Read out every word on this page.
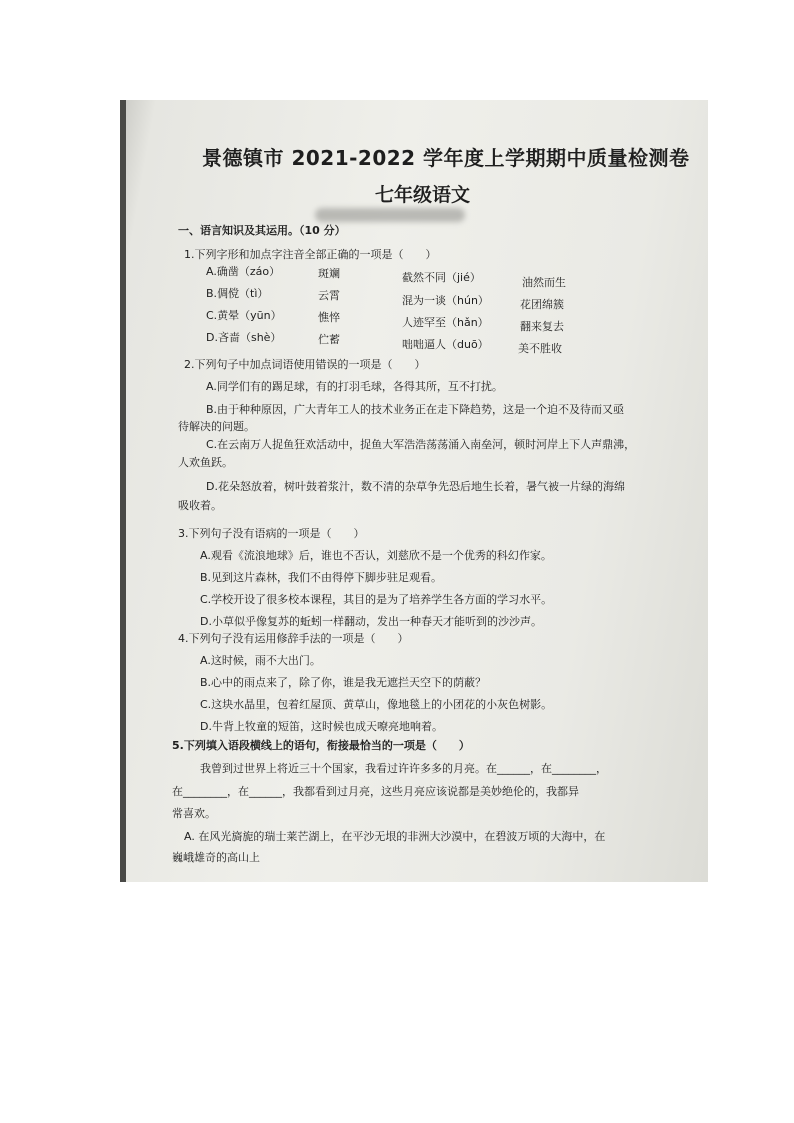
景德镇市 2021-2022 学年度上学期期中质量检测卷
七年级语文
一、语言知识及其运用。（10 分）
1.下列字形和加点字注音全部正确的一项是（　　）
A.确凿（záo）	斑斓	截然不同（jié）	油然而生
B.倜傥（tì）	云霄	混为一谈（hún）	花团绵簇
C.黄晕（yūn）	憔悴	人迹罕至（hǎn）	翻来复去
D.吝啬（shè）	伫蓄	咄咄逼人（duō）	美不胜收
2.下列句子中加点词语使用错误的一项是（　　）
A.同学们有的踢足球，有的打羽毛球，各得其所，互不打扰。
B.由于种种原因，广大青年工人的技术业务正在走下降趋势，这是一个迫不及待而又亟
待解决的问题。
C.在云南万人捉鱼狂欢活动中，捉鱼大军浩浩荡荡涌入南垒河，顿时河岸上下人声鼎沸，
人欢鱼跃。
D.花朵怒放着，树叶鼓着浆汁，数不清的杂草争先恐后地生长着，暑气被一片绿的海绵
吸收着。
3.下列句子没有语病的一项是（　　）
A.观看《流浪地球》后，谁也不否认，刘慈欣不是一个优秀的科幻作家。
B.见到这片森林，我们不由得停下脚步驻足观看。
C.学校开设了很多校本课程，其目的是为了培养学生各方面的学习水平。
D.小草似乎像复苏的蚯蚓一样翻动，发出一种春天才能听到的沙沙声。
4.下列句子没有运用修辞手法的一项是（　　）
A.这时候，雨不大出门。
B.心中的雨点来了，除了你，谁是我无遮拦天空下的荫蔽？
C.这块水晶里，包着红屋顶、黄草山，像地毯上的小团花的小灰色树影。
D.牛背上牧童的短笛，这时候也成天嘹亮地响着。
5.下列填入语段横线上的语句，衔接最恰当的一项是（　　）
我曾到过世界上将近三十个国家，我看过许许多多的月亮。在______，在________，
在________，在______，我都看到过月亮，这些月亮应该说都是美妙绝伦的，我都异
常喜欢。
A. 在风光旖旎的瑞士莱芒湖上，在平沙无垠的非洲大沙漠中，在碧波万顷的大海中，在
巍峨雄奇的高山上
